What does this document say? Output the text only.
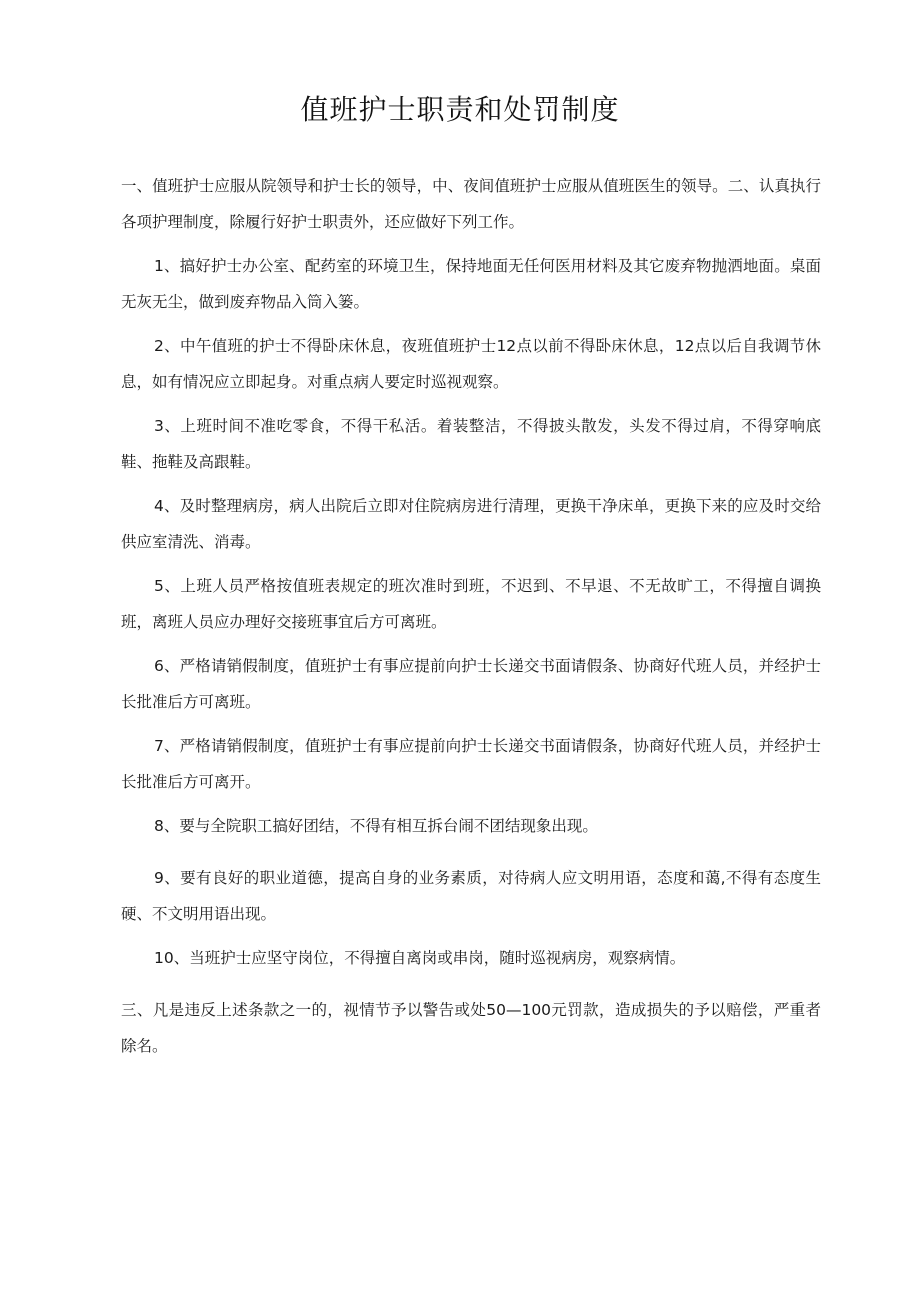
值班护士职责和处罚制度

一、值班护士应服从院领导和护士长的领导，中、夜间值班护士应服从值班医生的领导。二、认真执行各项护理制度，除履行好护士职责外，还应做好下列工作。

1、搞好护士办公室、配药室的环境卫生，保持地面无任何医用材料及其它废弃物抛洒地面。桌面无灰无尘，做到废弃物品入筒入篓。

2、中午值班的护士不得卧床休息，夜班值班护士12点以前不得卧床休息，12点以后自我调节休息，如有情况应立即起身。对重点病人要定时巡视观察。

3、上班时间不准吃零食，不得干私活。着装整洁，不得披头散发，头发不得过肩，不得穿响底鞋、拖鞋及高跟鞋。

4、及时整理病房，病人出院后立即对住院病房进行清理，更换干净床单，更换下来的应及时交给供应室清洗、消毒。

5、上班人员严格按值班表规定的班次准时到班，不迟到、不早退、不无故旷工，不得擅自调换班，离班人员应办理好交接班事宜后方可离班。

6、严格请销假制度，值班护士有事应提前向护士长递交书面请假条、协商好代班人员，并经护士长批准后方可离班。

7、严格请销假制度，值班护士有事应提前向护士长递交书面请假条，协商好代班人员，并经护士长批准后方可离开。

8、要与全院职工搞好团结，不得有相互拆台闹不团结现象出现。

9、要有良好的职业道德，提高自身的业务素质，对待病人应文明用语，态度和蔼,不得有态度生硬、不文明用语出现。

10、当班护士应坚守岗位，不得擅自离岗或串岗，随时巡视病房，观察病情。

三、凡是违反上述条款之一的，视情节予以警告或处50—100元罚款，造成损失的予以赔偿，严重者除名。
